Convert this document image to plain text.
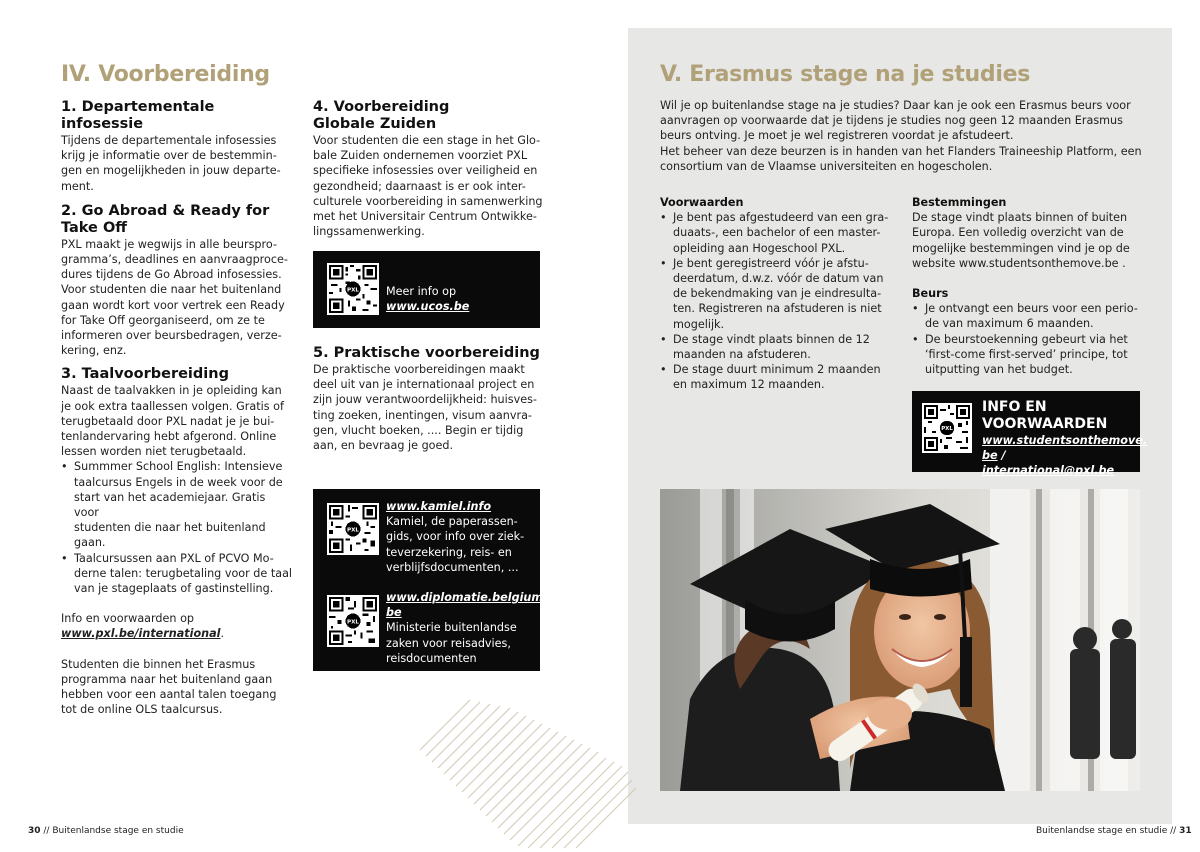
IV. Voorbereiding
1. Departementale infosessie
Tijdens de departementale infosessies
krijg je informatie over de bestemmin-
gen en mogelijkheden in jouw departe-
ment.
2. Go Abroad & Ready for
Take Off
PXL maakt je wegwijs in alle beurspro-
gramma’s, deadlines en aanvraagproce-
dures tijdens de Go Abroad infosessies.
Voor studenten die naar het buitenland
gaan wordt kort voor vertrek een Ready
for Take Off georganiseerd, om ze te
informeren over beursbedragen, verze-
kering, enz.
3. Taalvoorbereiding
Naast de taalvakken in je opleiding kan
je ook extra taallessen volgen. Gratis of
terugbetaald door PXL nadat je je bui-
tenlandervaring hebt afgerond. Online
lessen worden niet terugbetaald.
• Summmer School English: Intensieve
taalcursus Engels in de week voor de
start van het academiejaar. Gratis voor
studenten die naar het buitenland
gaan.
• Taalcursussen aan PXL of PCVO Mo-
derne talen: terugbetaling voor de taal
van je stageplaats of gastinstelling.
Info en voorwaarden op
www.pxl.be/international.
Studenten die binnen het Erasmus
programma naar het buitenland gaan
hebben voor een aantal talen toegang
tot de online OLS taalcursus.
4. Voorbereiding
Globale Zuiden
Voor studenten die een stage in het Glo-
bale Zuiden ondernemen voorziet PXL
specifieke infosessies over veiligheid en
gezondheid; daarnaast is er ook inter-
culturele voorbereiding in samenwerking
met het Universitair Centrum Ontwikke-
lingssamenwerking.
PXL Meer info op
www.ucos.be
5. Praktische voorbereiding
De praktische voorbereidingen maakt
deel uit van je internationaal project en
zijn jouw verantwoordelijkheid: huisves-
ting zoeken, inentingen, visum aanvra-
gen, vlucht boeken, .... Begin er tijdig
aan, en bevraag je goed.
PXL
www.kamiel.info
Kamiel, de paperassen-
gids, voor info over ziek-
teverzekering, reis- en
verblijfsdocumenten, ...
PXL
www.diplomatie.belgium.
be
Ministerie buitenlandse
zaken voor reisadvies,
reisdocumenten
30 // Buitenlandse stage en studie
V. Erasmus stage na je studies
Wil je op buitenlandse stage na je studies? Daar kan je ook een Erasmus beurs voor
aanvragen op voorwaarde dat je tijdens je studies nog geen 12 maanden Erasmus
beurs ontving. Je moet je wel registreren voordat je afstudeert.
Het beheer van deze beurzen is in handen van het Flanders Traineeship Platform, een
consortium van de Vlaamse universiteiten en hogescholen.
Voorwaarden
• Je bent pas afgestudeerd van een gra-
duaats-, een bachelor of een master-
opleiding aan Hogeschool PXL.
• Je bent geregistreerd vóór je afstu-
deerdatum, d.w.z. vóór de datum van
de bekendmaking van je eindresulta-
ten. Registreren na afstuderen is niet
mogelijk.
• De stage vindt plaats binnen de 12
maanden na afstuderen.
• De stage duurt minimum 2 maanden
en maximum 12 maanden.
Bestemmingen
De stage vindt plaats binnen of buiten
Europa. Een volledig overzicht van de
mogelijke bestemmingen vind je op de
website www.studentsonthemove.be .
Beurs
• Je ontvangt een beurs voor een perio-
de van maximum 6 maanden.
• De beurstoekenning gebeurt via het
‘first-come first-served’ principe, tot
uitputting van het budget.
PXL
INFO EN
VOORWAARDEN
www.studentsonthemove.
be / international@pxl.be
Buitenlandse stage en studie // 31
